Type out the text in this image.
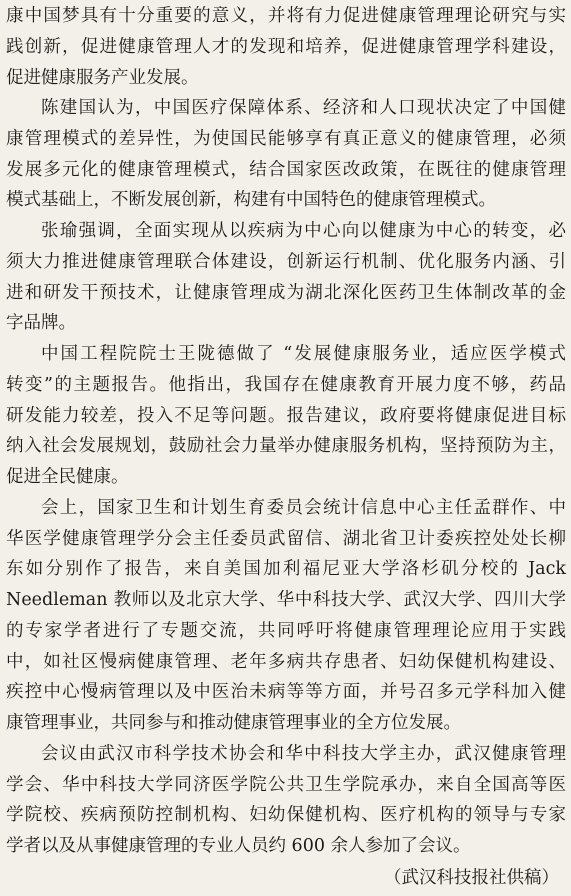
康中国梦具有十分重要的意义，并将有力促进健康管理理论研究与实
践创新，促进健康管理人才的发现和培养，促进健康管理学科建设，
促进健康服务产业发展。
陈建国认为，中国医疗保障体系、经济和人口现状决定了中国健
康管理模式的差异性，为使国民能够享有真正意义的健康管理，必须
发展多元化的健康管理模式，结合国家医改政策，在既往的健康管理
模式基础上，不断发展创新，构建有中国特色的健康管理模式。
张瑜强调，全面实现从以疾病为中心向以健康为中心的转变，必
须大力推进健康管理联合体建设，创新运行机制、优化服务内涵、引
进和研发干预技术，让健康管理成为湖北深化医药卫生体制改革的金
字品牌。
中国工程院院士王陇德做了 “发展健康服务业，适应医学模式
转变”的主题报告。他指出，我国存在健康教育开展力度不够，药品
研发能力较差，投入不足等问题。报告建议，政府要将健康促进目标
纳入社会发展规划，鼓励社会力量举办健康服务机构，坚持预防为主，
促进全民健康。
会上，国家卫生和计划生育委员会统计信息中心主任孟群作、中
华医学健康管理学分会主任委员武留信、湖北省卫计委疾控处处长柳
东如分别作了报告，来自美国加利福尼亚大学洛杉矶分校的 Jack
Needleman 教师以及北京大学、华中科技大学、武汉大学、四川大学
的专家学者进行了专题交流，共同呼吁将健康管理理论应用于实践
中，如社区慢病健康管理、老年多病共存患者、妇幼保健机构建设、
疾控中心慢病管理以及中医治未病等等方面，并号召多元学科加入健
康管理事业，共同参与和推动健康管理事业的全方位发展。
会议由武汉市科学技术协会和华中科技大学主办，武汉健康管理
学会、华中科技大学同济医学院公共卫生学院承办，来自全国高等医
学院校、疾病预防控制机构、妇幼保健机构、医疗机构的领导与专家
学者以及从事健康管理的专业人员约 600 余人参加了会议。
（武汉科技报社供稿）
